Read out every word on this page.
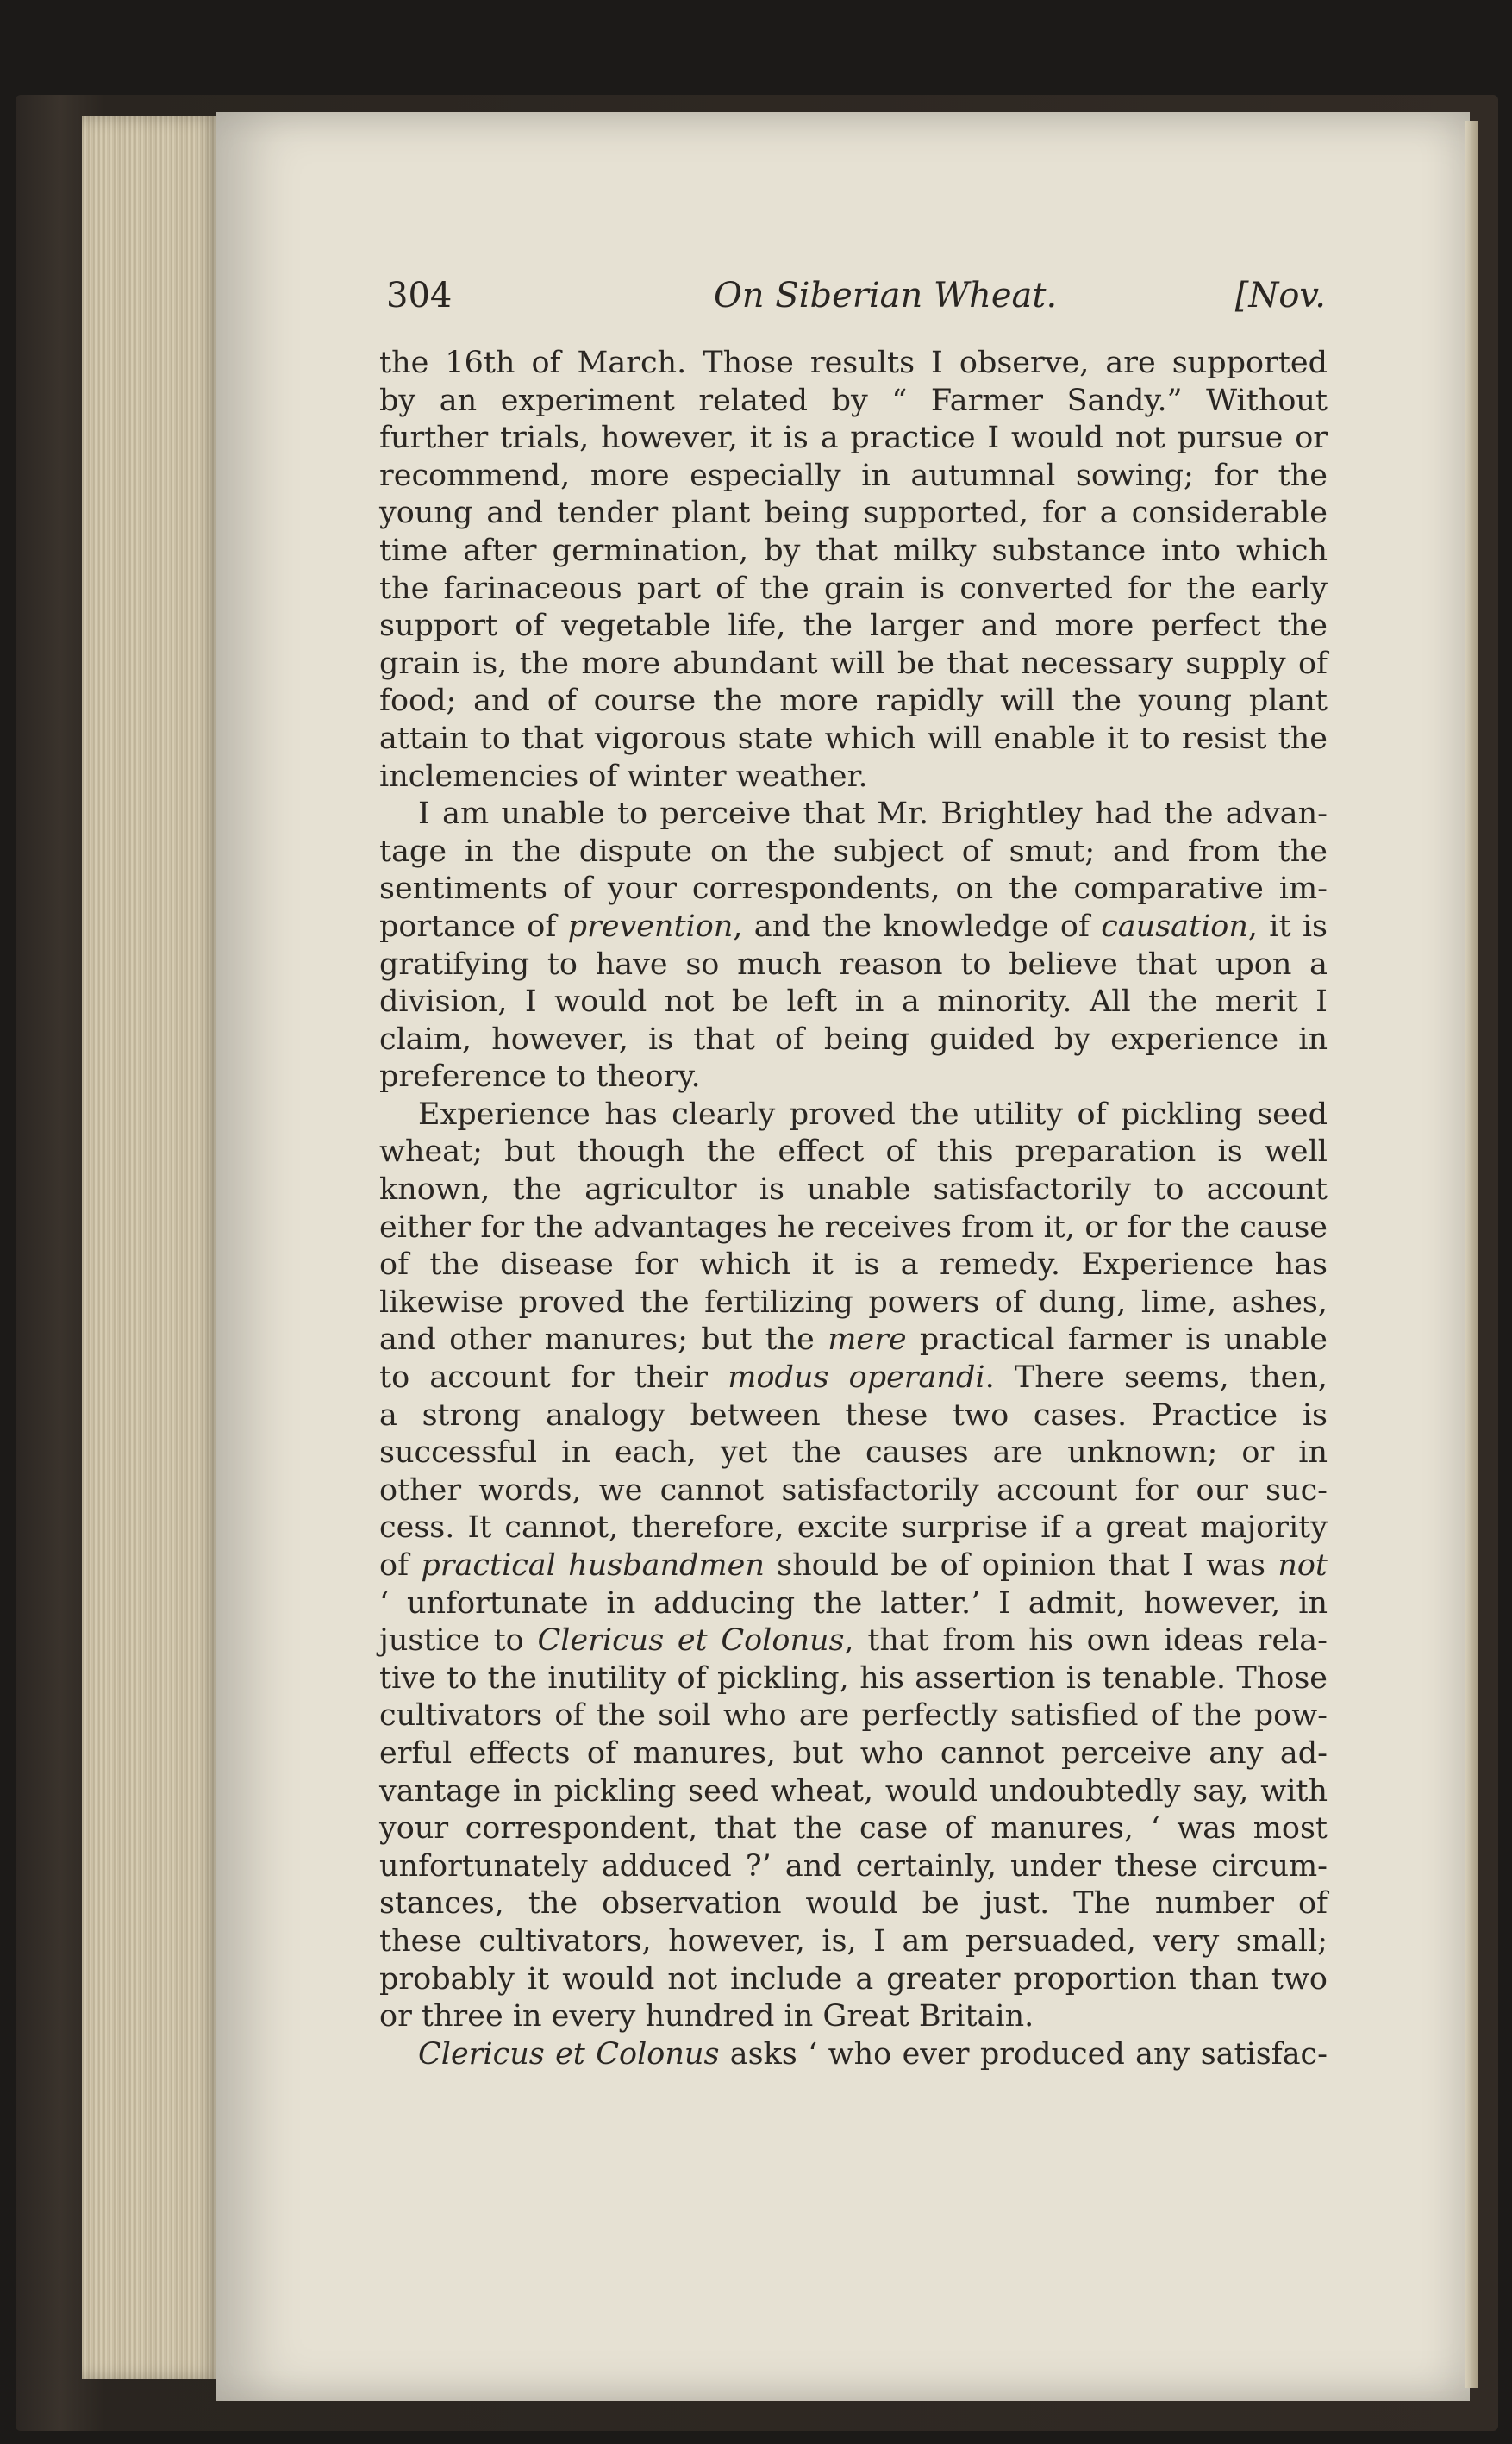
304	On Siberian Wheat.	[Nov.
the 16th of March. Those results I observe, are supported
by an experiment related by “ Farmer Sandy.” Without
further trials, however, it is a practice I would not pursue or
recommend, more especially in autumnal sowing; for the
young and tender plant being supported, for a considerable
time after germination, by that milky substance into which
the farinaceous part of the grain is converted for the early
support of vegetable life, the larger and more perfect the
grain is, the more abundant will be that necessary supply of
food; and of course the more rapidly will the young plant
attain to that vigorous state which will enable it to resist the
inclemencies of winter weather.
I am unable to perceive that Mr. Brightley had the advan-
tage in the dispute on the subject of smut; and from the
sentiments of your correspondents, on the comparative im-
portance of prevention, and the knowledge of causation, it is
gratifying to have so much reason to believe that upon a
division, I would not be left in a minority. All the merit I
claim, however, is that of being guided by experience in
preference to theory.
Experience has clearly proved the utility of pickling seed
wheat; but though the effect of this preparation is well
known, the agricultor is unable satisfactorily to account
either for the advantages he receives from it, or for the cause
of the disease for which it is a remedy. Experience has
likewise proved the fertilizing powers of dung, lime, ashes,
and other manures; but the mere practical farmer is unable
to account for their modus operandi. There seems, then,
a strong analogy between these two cases. Practice is
successful in each, yet the causes are unknown; or in
other words, we cannot satisfactorily account for our suc-
cess. It cannot, therefore, excite surprise if a great majority
of practical husbandmen should be of opinion that I was not
‘ unfortunate in adducing the latter.’ I admit, however, in
justice to Clericus et Colonus, that from his own ideas rela-
tive to the inutility of pickling, his assertion is tenable. Those
cultivators of the soil who are perfectly satisfied of the pow-
erful effects of manures, but who cannot perceive any ad-
vantage in pickling seed wheat, would undoubtedly say, with
your correspondent, that the case of manures, ‘ was most
unfortunately adduced ?’ and certainly, under these circum-
stances, the observation would be just. The number of
these cultivators, however, is, I am persuaded, very small;
probably it would not include a greater proportion than two
or three in every hundred in Great Britain.
Clericus et Colonus asks ‘ who ever produced any satisfac-
